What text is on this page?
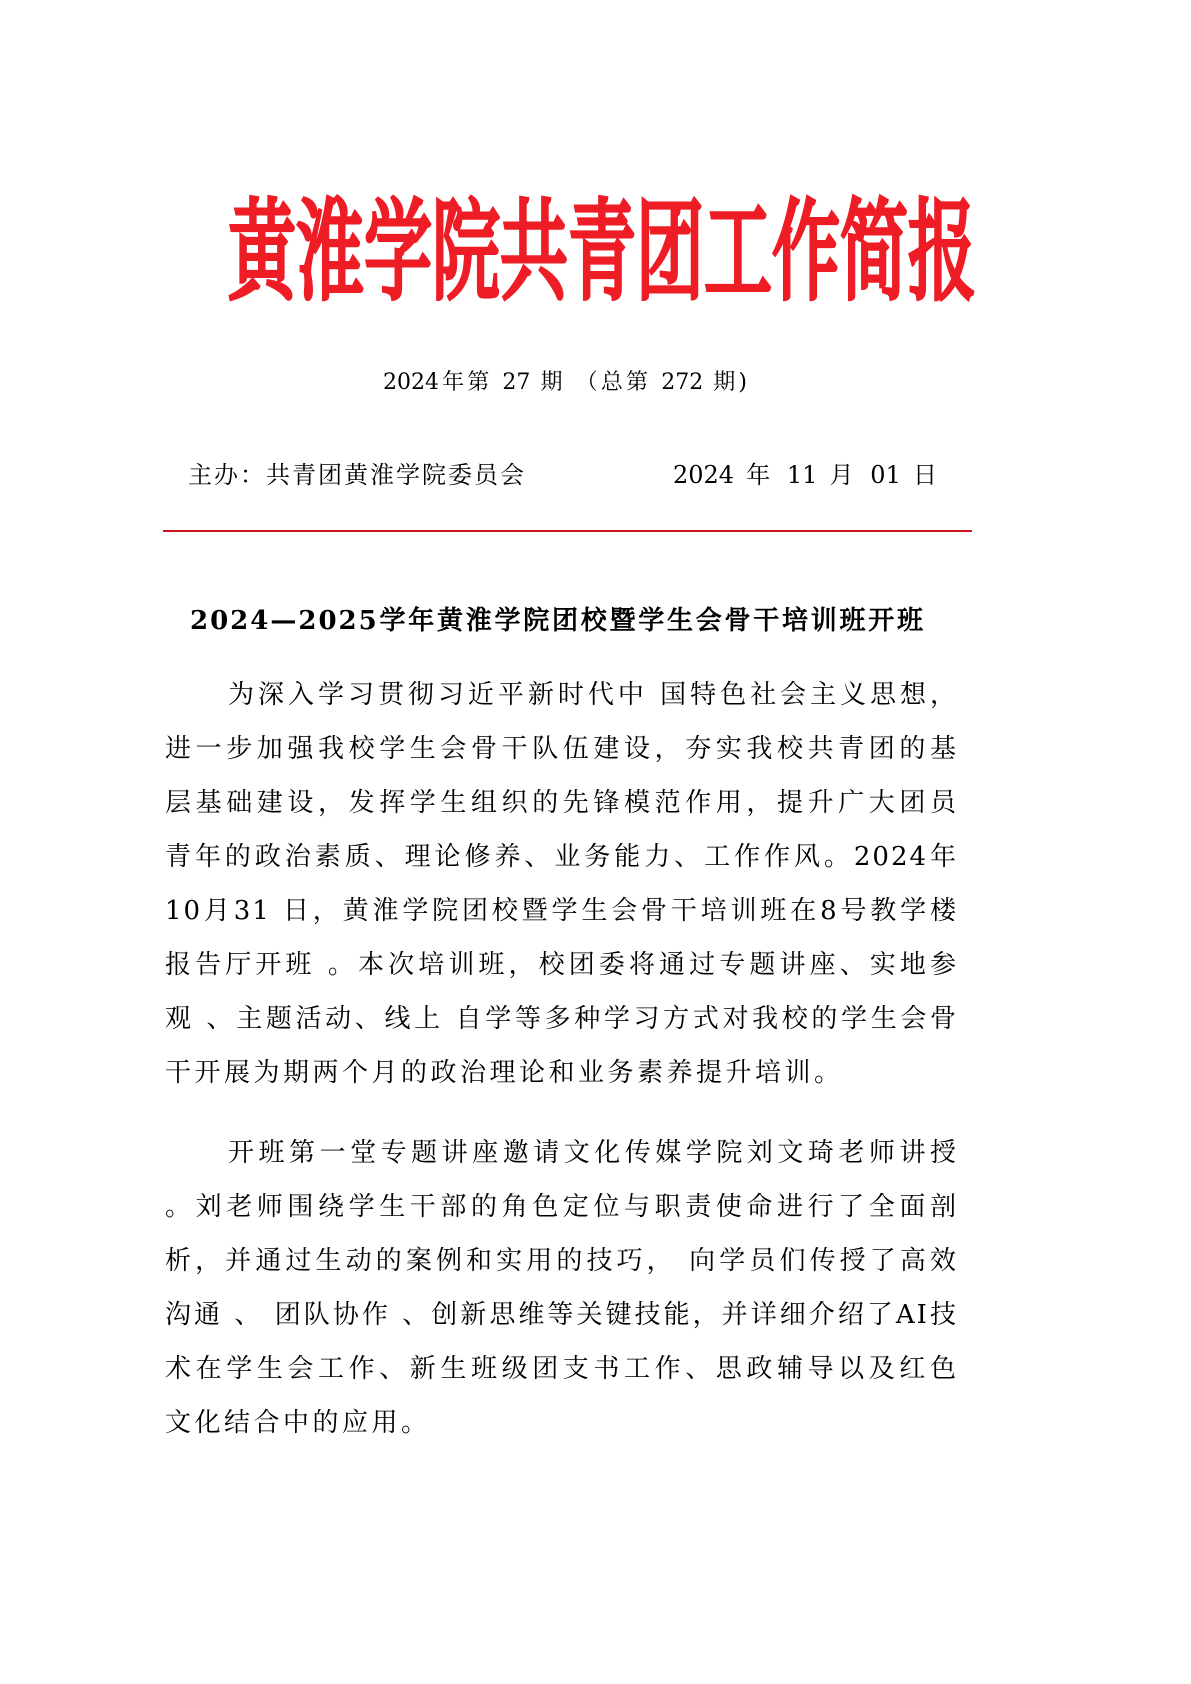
黄淮学院共青团工作简报
2024年第 27 期 （总第 272 期)
主办：共青团黄淮学院委员会	2024 年 11 月 01 日
2024—2025学年黄淮学院团校暨学生会骨干培训班开班
为深入学习贯彻习近平新时代中 国特色社会主义思想，
进一步加强我校学生会骨干队伍建设，夯实我校共青团的基
层基础建设，发挥学生组织的先锋模范作用，提升广大团员
青年的政治素质、理论修养、业务能力、工作作风。2024年
10月31 日，黄淮学院团校暨学生会骨干培训班在8号教学楼
报告厅开班 。本次培训班，校团委将通过专题讲座、实地参
观 、主题活动、线上 自学等多种学习方式对我校的学生会骨
干开展为期两个月的政治理论和业务素养提升培训。
开班第一堂专题讲座邀请文化传媒学院刘文琦老师讲授
。刘老师围绕学生干部的角色定位与职责使命进行了全面剖
析，并通过生动的案例和实用的技巧， 向学员们传授了高效
沟通 、 团队协作 、创新思维等关键技能，并详细介绍了AI技
术在学生会工作、新生班级团支书工作、思政辅导以及红色
文化结合中的应用。
